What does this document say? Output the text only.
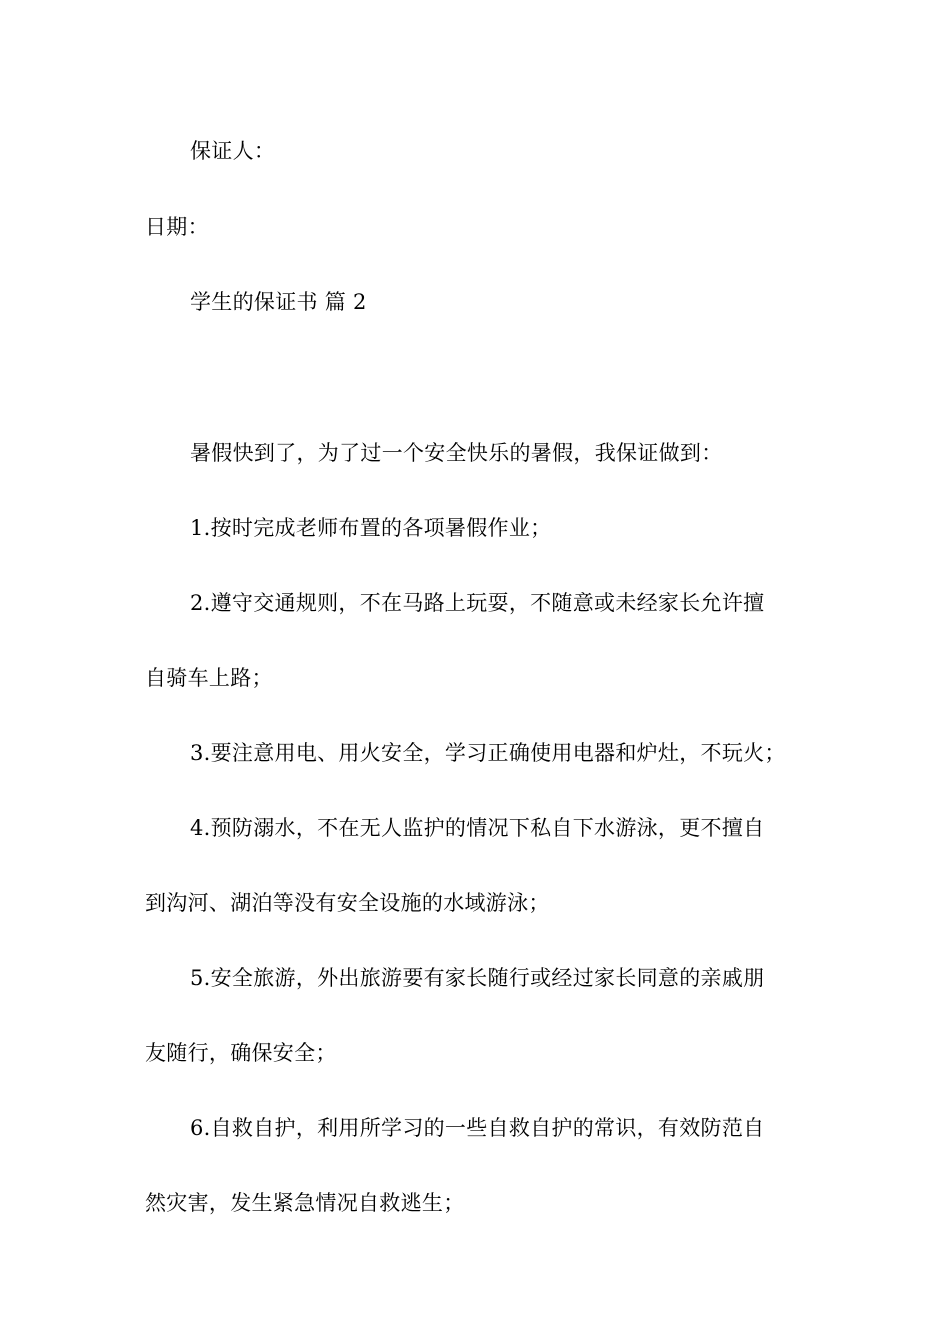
保证人：
日期：
学生的保证书 篇 2
暑假快到了，为了过一个安全快乐的暑假，我保证做到：
1.按时完成老师布置的各项暑假作业；
2.遵守交通规则，不在马路上玩耍，不随意或未经家长允许擅
自骑车上路；
3.要注意用电、用火安全，学习正确使用电器和炉灶，不玩火；
4.预防溺水，不在无人监护的情况下私自下水游泳，更不擅自
到沟河、湖泊等没有安全设施的水域游泳；
5.安全旅游，外出旅游要有家长随行或经过家长同意的亲戚朋
友随行，确保安全；
6.自救自护，利用所学习的一些自救自护的常识，有效防范自
然灾害，发生紧急情况自救逃生；
